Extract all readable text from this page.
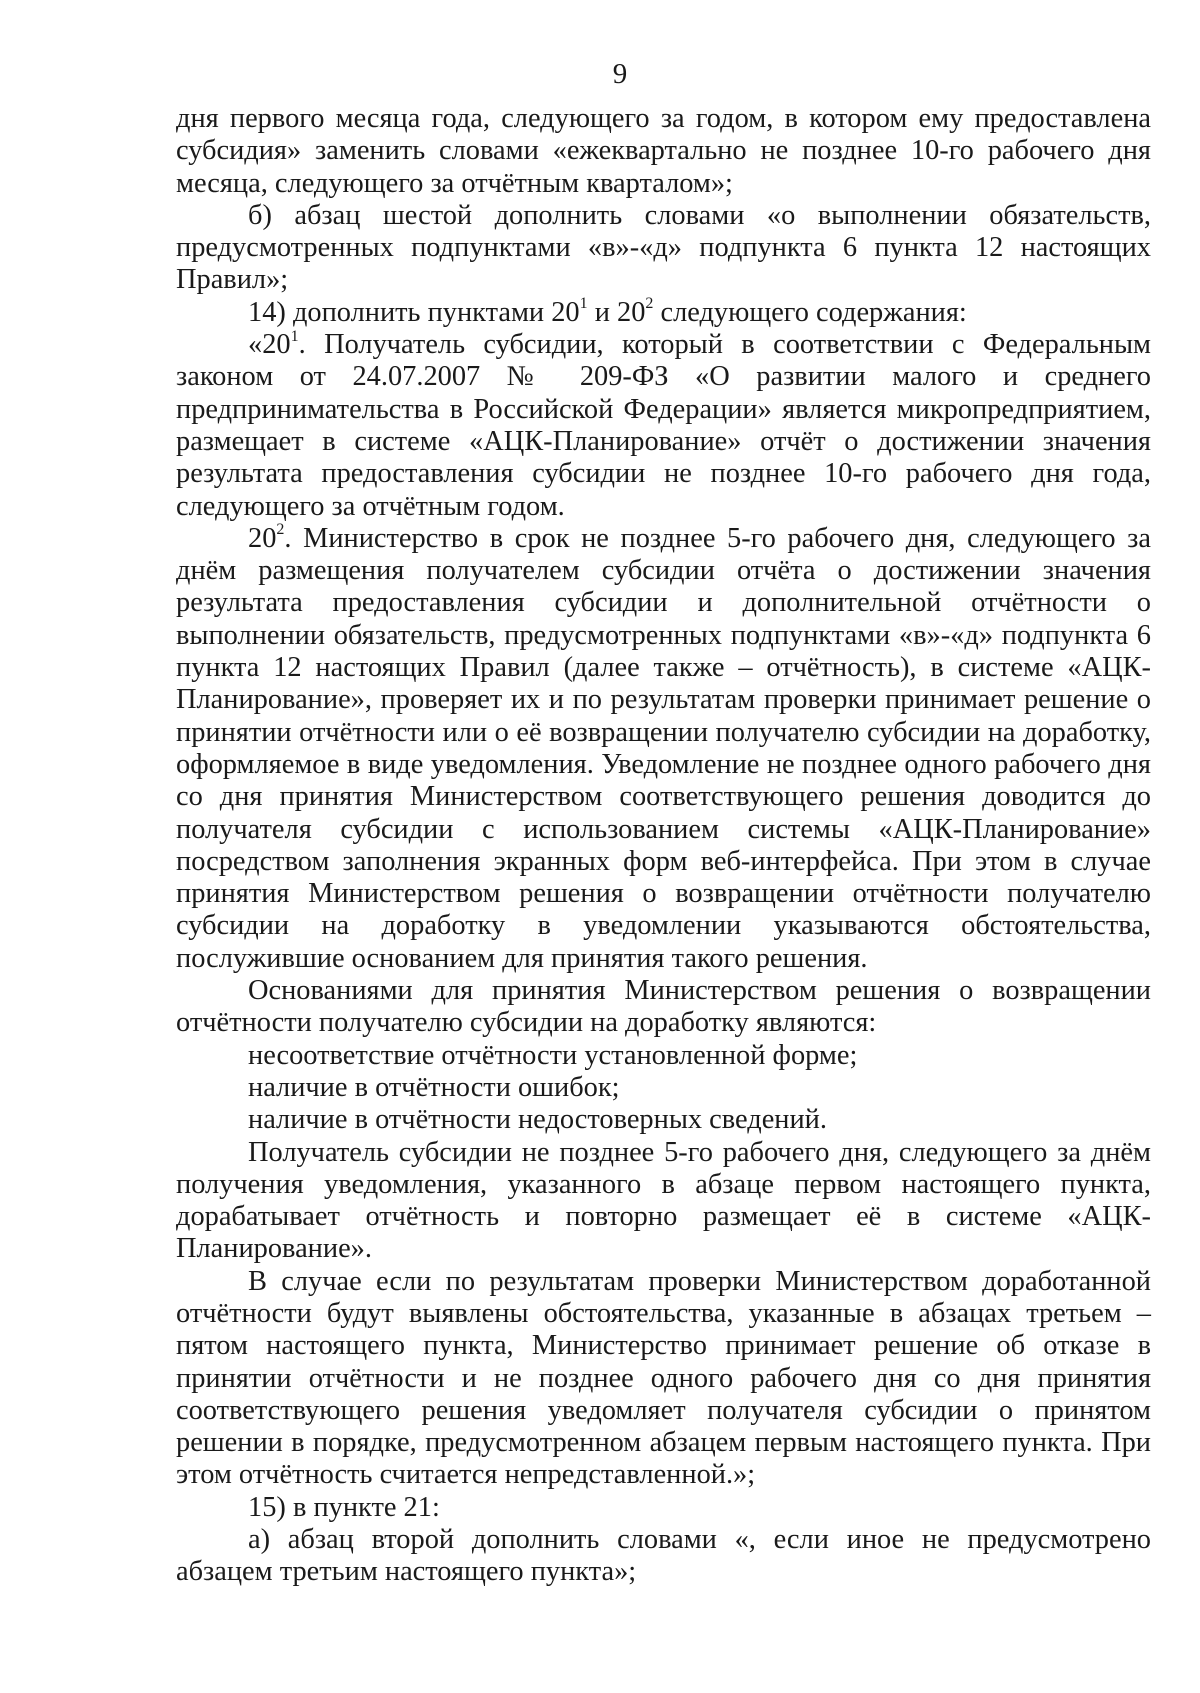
9

дня первого месяца года, следующего за годом, в котором ему предоставлена субсидия» заменить словами «ежеквартально не позднее 10-го рабочего дня месяца, следующего за отчётным кварталом»;

б) абзац шестой дополнить словами «о выполнении обязательств, предусмотренных подпунктами «в»-«д» подпункта 6 пункта 12 настоящих Правил»;

14) дополнить пунктами $20^1$ и $20^2$ следующего содержания:

«$20^1$. Получатель субсидии, который в соответствии с Федеральным законом от 24.07.2007 № 209-ФЗ «О развитии малого и среднего предпринимательства в Российской Федерации» является микропредприятием, размещает в системе «АЦК-Планирование» отчёт о достижении значения результата предоставления субсидии не позднее 10-го рабочего дня года, следующего за отчётным годом.

$20^2$. Министерство в срок не позднее 5-го рабочего дня, следующего за днём размещения получателем субсидии отчёта о достижении значения результата предоставления субсидии и дополнительной отчётности о выполнении обязательств, предусмотренных подпунктами «в»-«д» подпункта 6 пункта 12 настоящих Правил (далее также – отчётность), в системе «АЦК-Планирование», проверяет их и по результатам проверки принимает решение о принятии отчётности или о её возвращении получателю субсидии на доработку, оформляемое в виде уведомления. Уведомление не позднее одного рабочего дня со дня принятия Министерством соответствующего решения доводится до получателя субсидии с использованием системы «АЦК-Планирование» посредством заполнения экранных форм веб-интерфейса. При этом в случае принятия Министерством решения о возвращении отчётности получателю субсидии на доработку в уведомлении указываются обстоятельства, послужившие основанием для принятия такого решения.

Основаниями для принятия Министерством решения о возвращении отчётности получателю субсидии на доработку являются:

несоответствие отчётности установленной форме;

наличие в отчётности ошибок;

наличие в отчётности недостоверных сведений.

Получатель субсидии не позднее 5-го рабочего дня, следующего за днём получения уведомления, указанного в абзаце первом настоящего пункта, дорабатывает отчётность и повторно размещает её в системе «АЦК-Планирование».

В случае если по результатам проверки Министерством доработанной отчётности будут выявлены обстоятельства, указанные в абзацах третьем – пятом настоящего пункта, Министерство принимает решение об отказе в принятии отчётности и не позднее одного рабочего дня со дня принятия соответствующего решения уведомляет получателя субсидии о принятом решении в порядке, предусмотренном абзацем первым настоящего пункта. При этом отчётность считается непредставленной.»;

15) в пункте 21:

а) абзац второй дополнить словами «, если иное не предусмотрено абзацем третьим настоящего пункта»;
